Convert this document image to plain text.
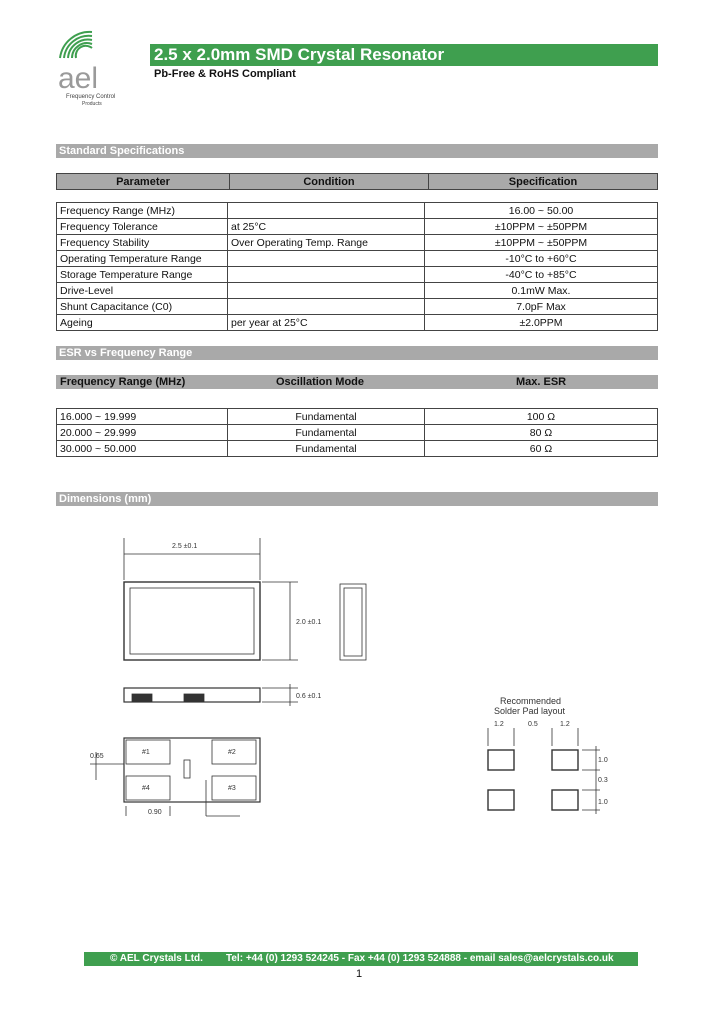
ael
Frequency Control
Products
2.5 x 2.0mm SMD Crystal Resonator
Pb-Free & RoHS Compliant
Standard Specifications
Parameter	Condition	Specification
Frequency Range (MHz)		16.00 ~ 50.00
Frequency Tolerance	at 25°C	±10PPM ~ ±50PPM
Frequency Stability	Over Operating Temp. Range	±10PPM ~ ±50PPM
Operating Temperature Range		-10°C to +60°C
Storage Temperature Range		-40°C to +85°C
Drive-Level		0.1mW Max.
Shunt Capacitance (C0)		7.0pF Max
Ageing	per year at 25°C	±2.0PPM
ESR vs Frequency Range
Frequency Range (MHz)	Oscillation Mode	Max. ESR
16.000 ~ 19.999	Fundamental	100 Ω
20.000 ~ 29.999	Fundamental	80 Ω
30.000 ~ 50.000	Fundamental	60 Ω
Dimensions (mm)
2.5 ±0.1
2.0 ±0.1
0.6 ±0.1
0.65
0.90
#1	#2
#3
#4
Recommended
Solder Pad layout
1.2	0.5	1.2
1.0
0.3
1.0
© AEL Crystals Ltd. Tel: +44 (0) 1293 524245 - Fax +44 (0) 1293 524888 - email sales@aelcrystals.co.uk
1
